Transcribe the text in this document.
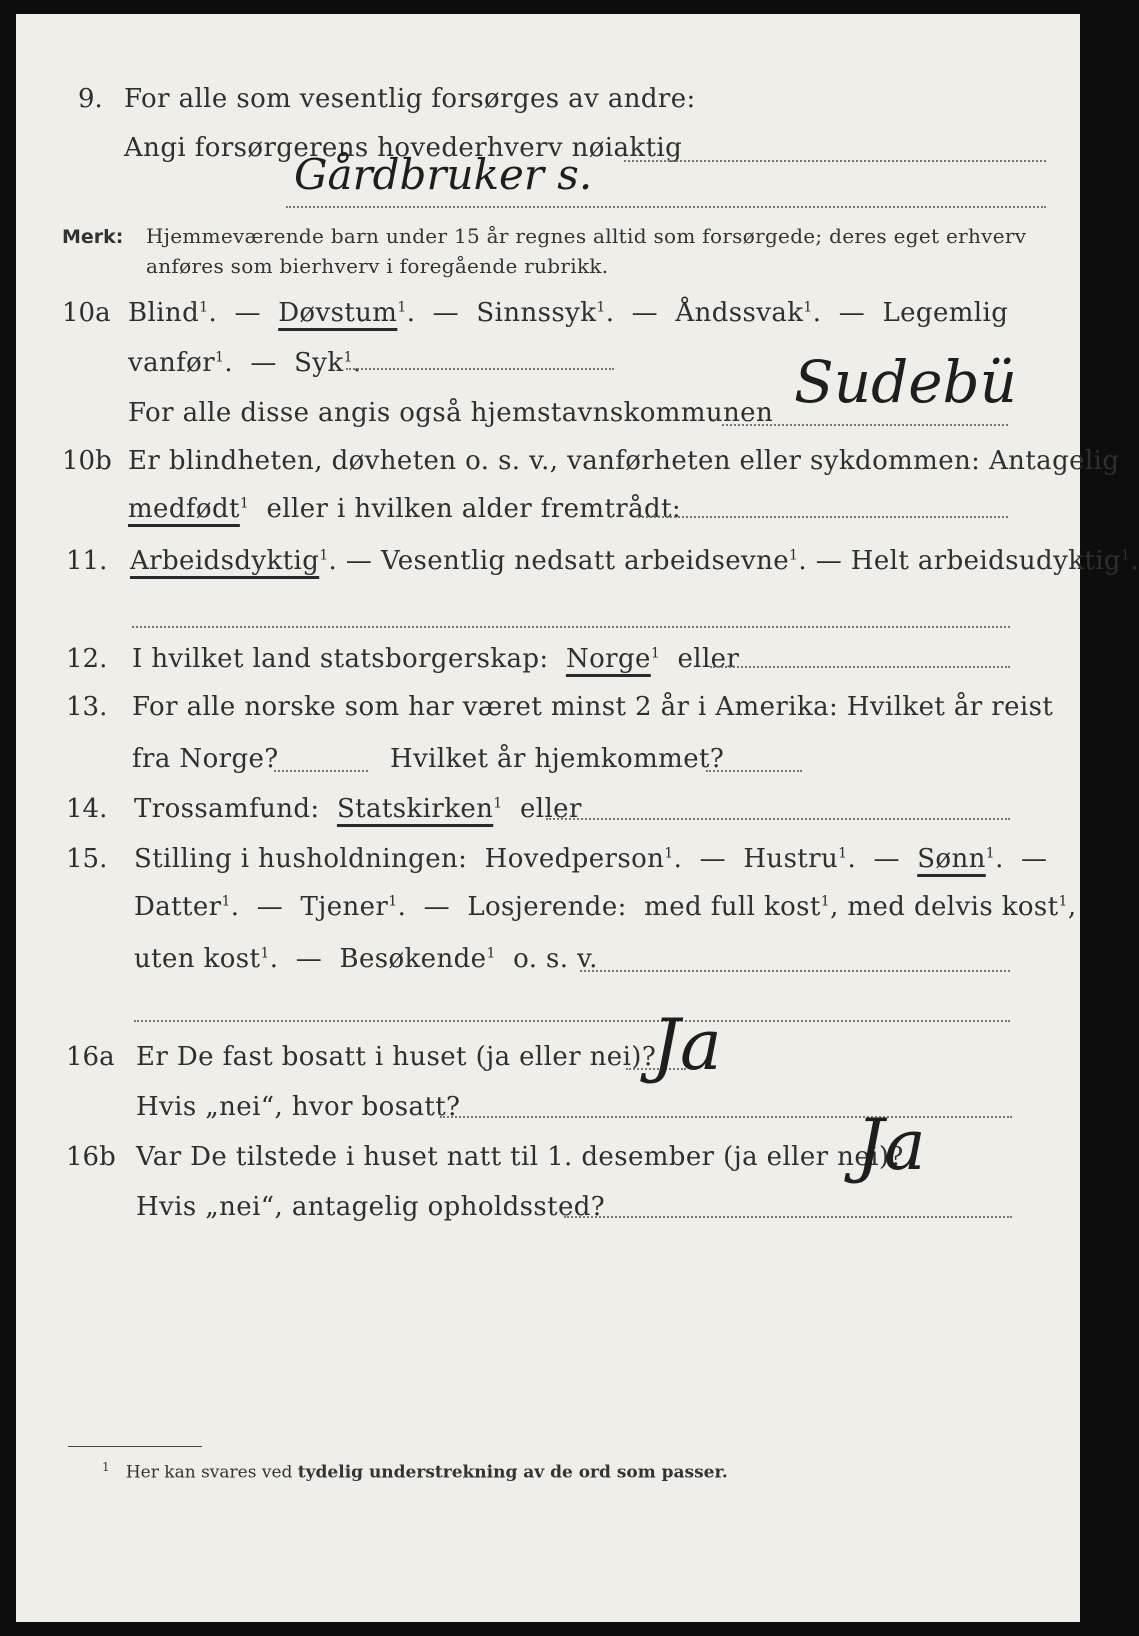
9. For alle som vesentlig forsørges av andre:
Angi forsørgerens hovederhverv nøiaktig
Gårdbruker s.
Merk: Hjemmeværende barn under 15 år regnes alltid som forsørgede; deres eget erhverv
anføres som bierhverv i foregående rubrikk.
10a Blind$^1$.  —  Døvstum$^1$.  —  Sinnssyk$^1$.  —  Åndssvak$^1$.  —  Legemlig
vanfør$^1$.  —  Syk$^1$.
For alle disse angis også hjemstavnskommunen Sudebü
10b Er blindheten, døvheten o. s. v., vanførheten eller sykdommen: Antagelig
medfødt$^1$ eller i hvilken alder fremtrådt:
11. Arbeidsdyktig$^1$. — Vesentlig nedsatt arbeidsevne$^1$. — Helt arbeidsudyktig$^1$.
12. I hvilket land statsborgerskap: Norge$^1$ eller
13. For alle norske som har været minst 2 år i Amerika: Hvilket år reist
fra Norge?	Hvilket år hjemkommet?
14. Trossamfund: Statskirken$^1$ eller
15. Stilling i husholdningen: Hovedperson$^1$.  —  Hustru$^1$.  —  Sønn$^1$.  —
Datter$^1$.  —  Tjener$^1$.  —  Losjerende: med full kost$^1$, med delvis kost$^1$,
uten kost$^1$.  —  Besøkende$^1$ o. s. v.
16a Er De fast bosatt i huset (ja eller nei)?
Ja
Hvis „nei“, hvor bosatt?
16b Var De tilstede i huset natt til 1. desember (ja eller nei)?
Ja
Hvis „nei“, antagelig opholdssted?
$^1$ Her kan svares ved tydelig understrekning av de ord som passer.
